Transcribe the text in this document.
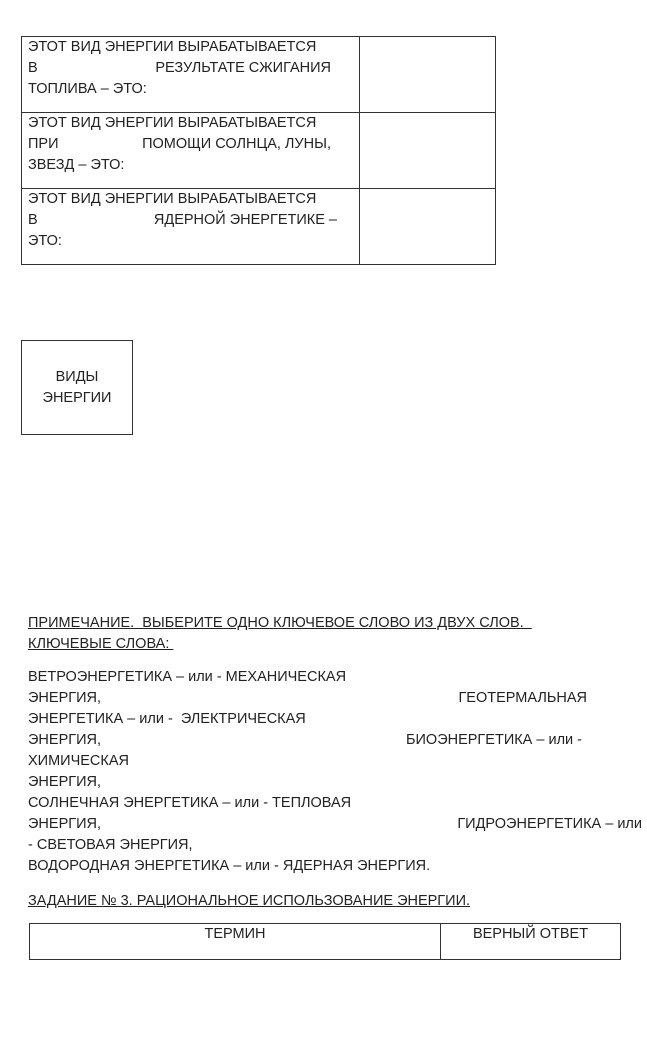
ЭТОТ ВИД ЭНЕРГИИ ВЫРАБАТЫВАЕТСЯ
В РЕЗУЛЬТАТЕ СЖИГАНИЯ
ТОПЛИВА – ЭТО:	

ЭТОТ ВИД ЭНЕРГИИ ВЫРАБАТЫВАЕТСЯ
ПРИ ПОМОЩИ СОЛНЦА, ЛУНЫ,
ЗВЕЗД – ЭТО:	

ЭТОТ ВИД ЭНЕРГИИ ВЫРАБАТЫВАЕТСЯ
В ЯДЕРНОЙ ЭНЕРГЕТИКЕ –
ЭТО:	

ВИДЫ
ЭНЕРГИИ
ПРИМЕЧАНИЕ.  ВЫБЕРИТЕ ОДНО КЛЮЧЕВОЕ СЛОВО ИЗ ДВУХ СЛОВ.
КЛЮЧЕВЫЕ СЛОВА:
ВЕТРОЭНЕРГЕТИКА – или - МЕХАНИЧЕСКАЯ
ЭНЕРГИЯ,	ГЕОТЕРМАЛЬНАЯ
ЭНЕРГЕТИКА – или -  ЭЛЕКТРИЧЕСКАЯ
ЭНЕРГИЯ,	БИОЭНЕРГЕТИКА – или -
ХИМИЧЕСКАЯ
ЭНЕРГИЯ,
СОЛНЕЧНАЯ ЭНЕРГЕТИКА – или - ТЕПЛОВАЯ
ЭНЕРГИЯ,	ГИДРОЭНЕРГЕТИКА – или
- СВЕТОВАЯ ЭНЕРГИЯ,
ВОДОРОДНАЯ ЭНЕРГЕТИКА – или - ЯДЕРНАЯ ЭНЕРГИЯ.
ЗАДАНИЕ № 3. РАЦИОНАЛЬНОЕ ИСПОЛЬЗОВАНИЕ ЭНЕРГИИ.
ТЕРМИН	ВЕРНЫЙ ОТВЕТ
